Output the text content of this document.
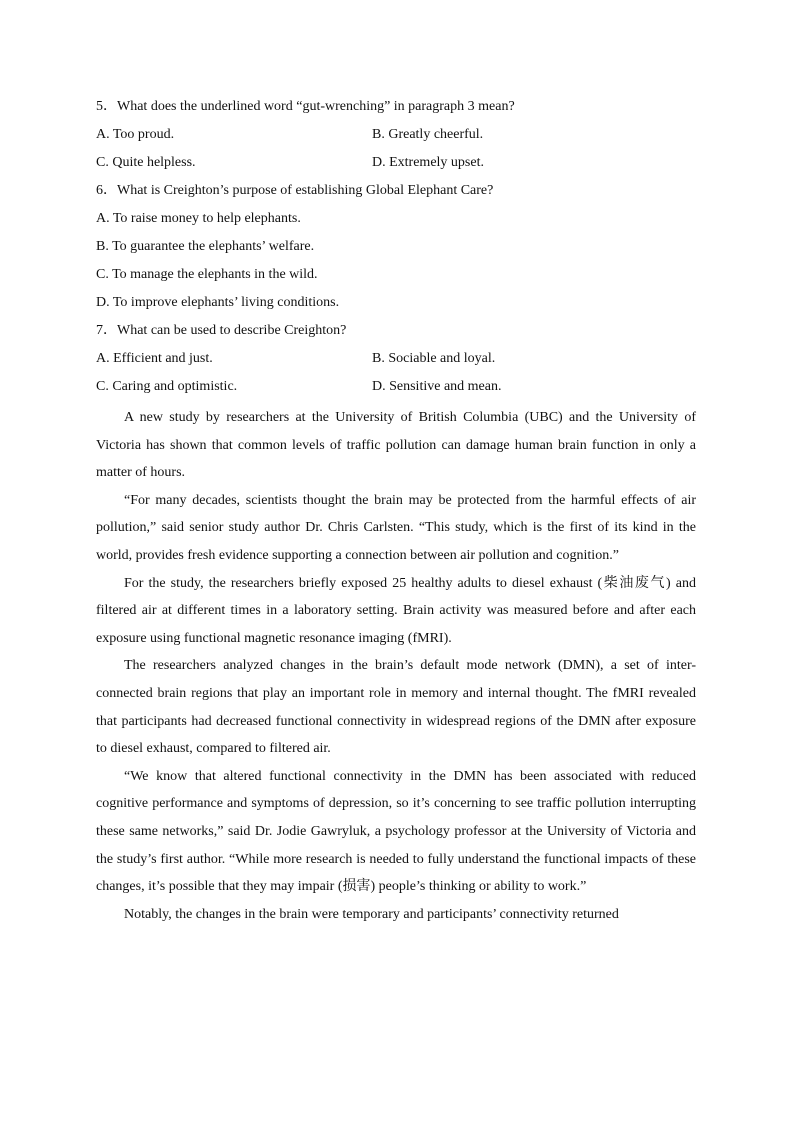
5．What does the underlined word “gut-wrenching” in paragraph 3 mean?
A. Too proud.	B. Greatly cheerful.
C. Quite helpless.	D. Extremely upset.
6．What is Creighton’s purpose of establishing Global Elephant Care?
A. To raise money to help elephants.
B. To guarantee the elephants’ welfare.
C. To manage the elephants in the wild.
D. To improve elephants’ living conditions.
7．What can be used to describe Creighton?
A. Efficient and just.	B. Sociable and loyal.
C. Caring and optimistic.	D. Sensitive and mean.

A new study by researchers at the University of British Columbia (UBC) and the University of Victoria has shown that common levels of traffic pollution can damage human brain function in only a matter of hours.

“For many decades, scientists thought the brain may be protected from the harmful effects of air pollution,” said senior study author Dr. Chris Carlsten. “This study, which is the first of its kind in the world, provides fresh evidence supporting a connection between air pollution and cognition.”

For the study, the researchers briefly exposed 25 healthy adults to diesel exhaust (柴油废气) and filtered air at different times in a laboratory setting. Brain activity was measured before and after each exposure using functional magnetic resonance imaging (fMRI).

The researchers analyzed changes in the brain’s default mode network (DMN), a set of inter-connected brain regions that play an important role in memory and internal thought. The fMRI revealed that participants had decreased functional connectivity in widespread regions of the DMN after exposure to diesel exhaust, compared to filtered air.

“We know that altered functional connectivity in the DMN has been associated with reduced cognitive performance and symptoms of depression, so it’s concerning to see traffic pollution interrupting these same networks,” said Dr. Jodie Gawryluk, a psychology professor at the University of Victoria and the study’s first author. “While more research is needed to fully understand the functional impacts of these changes, it’s possible that they may impair (损害) people’s thinking or ability to work.”

Notably, the changes in the brain were temporary and participants’ connectivity returned
